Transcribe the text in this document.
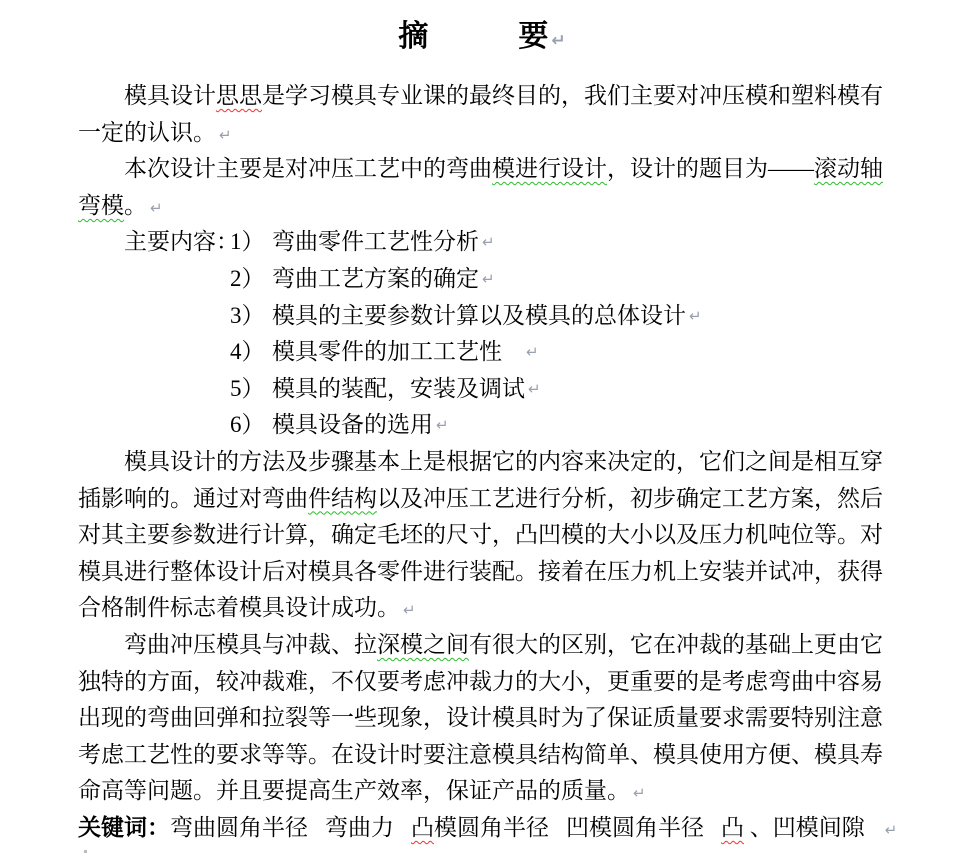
摘　　　要 ↵
模具设计思思是学习模具专业课的最终目的，我们主要对冲压模和塑料模有
一定的认识。 ↵
本次设计主要是对冲压工艺中的弯曲模进行设计，设计的题目为——滚动轴
弯模。 ↵
主要内容：
1） 弯曲零件工艺性分析 ↵
2） 弯曲工艺方案的确定 ↵
3） 模具的主要参数计算以及模具的总体设计 ↵
4） 模具零件的加工工艺性 ↵
5） 模具的装配，安装及调试 ↵
6） 模具设备的选用 ↵
模具设计的方法及步骤基本上是根据它的内容来决定的，它们之间是相互穿
插影响的。通过对弯曲件结构以及冲压工艺进行分析，初步确定工艺方案，然后
对其主要参数进行计算，确定毛坯的尺寸，凸凹模的大小以及压力机吨位等。对
模具进行整体设计后对模具各零件进行装配。接着在压力机上安装并试冲，获得
合格制件标志着模具设计成功。 ↵
弯曲冲压模具与冲裁、拉深模之间有很大的区别，它在冲裁的基础上更由它
独特的方面，较冲裁难，不仅要考虑冲裁力的大小，更重要的是考虑弯曲中容易
出现的弯曲回弹和拉裂等一些现象，设计模具时为了保证质量要求需要特别注意
考虑工艺性的要求等等。在设计时要注意模具结构简单、模具使用方便、模具寿
命高等问题。并且要提高生产效率，保证产品的质量。 ↵
关键词：弯曲圆角半径 弯曲力 凸模圆角半径 凹模圆角半径 凸 、凹模间隙 ↵
